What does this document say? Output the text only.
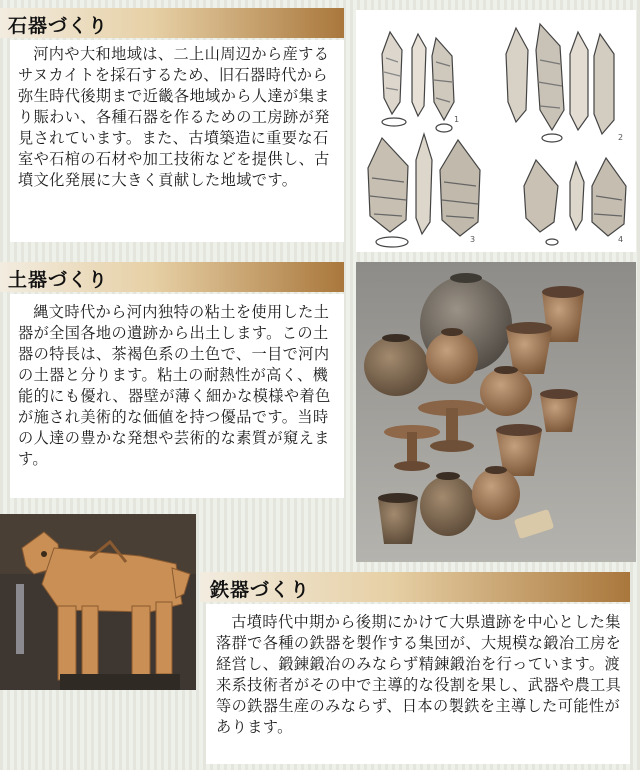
石器づくり
河内や大和地域は、二上山周辺から産するサヌカイトを採石するため、旧石器時代から弥生時代後期まで近畿各地域から人達が集まり賑わい、各種石器を作るための工房跡が発見されています。また、古墳築造に重要な石室や石棺の石材や加工技術などを提供し、古墳文化発展に大きく貢献した地域です。
1
2
3	4
土器づくり
縄文時代から河内独特の粘土を使用した土器が全国各地の遺跡から出土します。この土器の特長は、茶褐色系の土色で、一目で河内の土器と分ります。粘土の耐熱性が高く、機能的にも優れ、器壁が薄く細かな模様や着色が施され美術的な価値を持つ優品です。当時の人達の豊かな発想や芸術的な素質が窺えます。
鉄器づくり
古墳時代中期から後期にかけて大県遺跡を中心とした集落群で各種の鉄器を製作する集団が、大規模な鍛冶工房を経営し、鍛錬鍛冶のみならず精錬鍛治を行っています。渡来系技術者がその中で主導的な役割を果し、武器や農工具等の鉄器生産のみならず、日本の製鉄を主導した可能性があります。
